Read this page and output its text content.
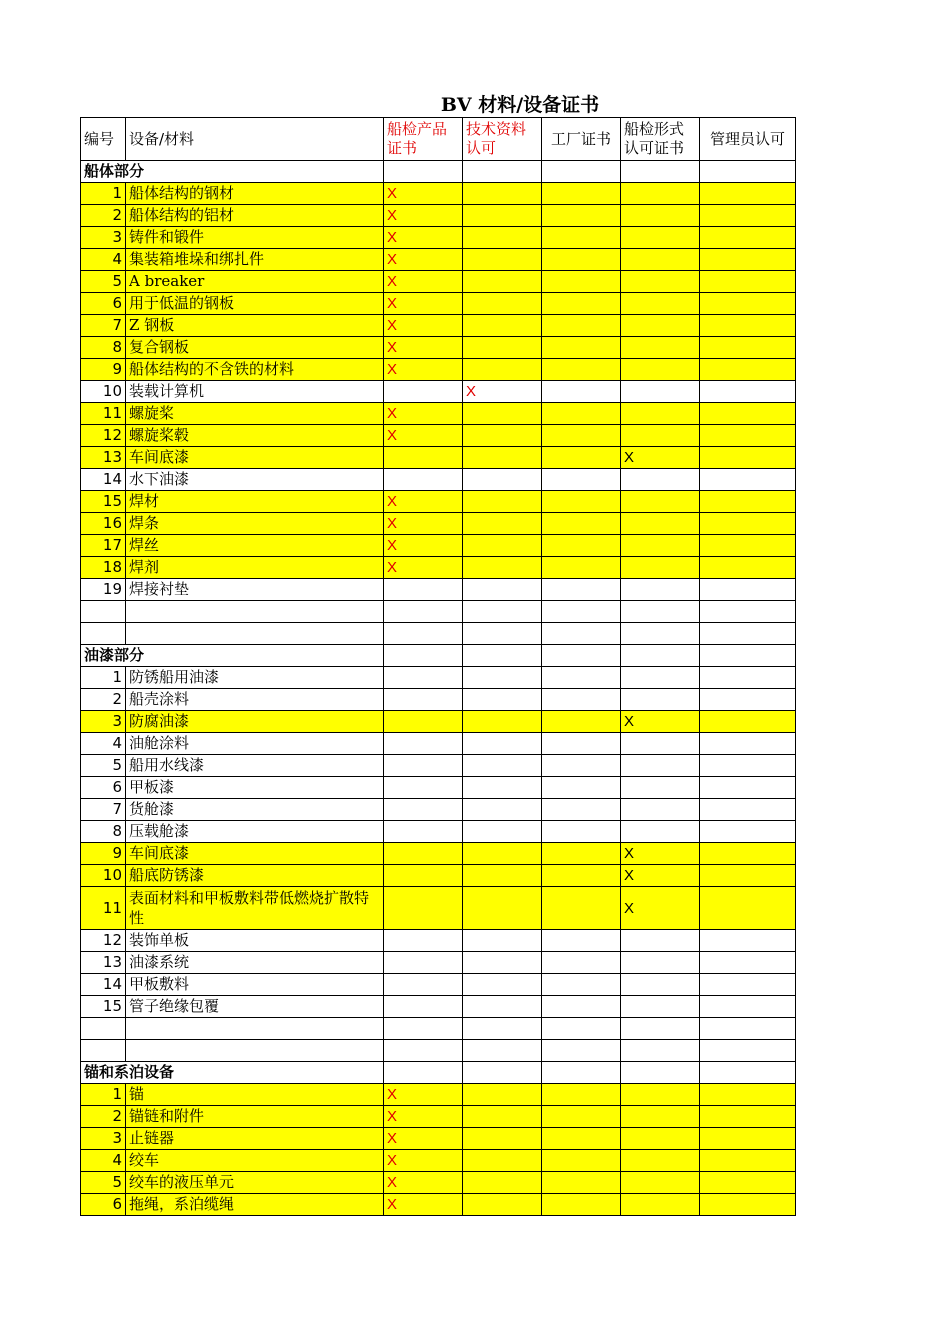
BV 材料/设备证书
编号	设备/材料	船检产品证书	技术资料认可	工厂证书	船检形式认可证书	管理员认可
船体部分						
1	船体结构的钢材	X				
2	船体结构的铝材	X				
3	铸件和锻件	X				
4	集装箱堆垛和绑扎件	X				
5	A breaker	X				
6	用于低温的钢板	X				
7	Z 钢板	X				
8	复合钢板	X				
9	船体结构的不含铁的材料	X				
10	装载计算机		X			
11	螺旋桨	X				
12	螺旋桨毂	X				
13	车间底漆				X	
14	水下油漆					
15	焊材	X				
16	焊条	X				
17	焊丝	X				
18	焊剂	X				
19	焊接衬垫					

油漆部分						
1	防锈船用油漆					
2	船壳涂料					
3	防腐油漆				X	
4	油舱涂料					
5	船用水线漆					
6	甲板漆					
7	货舱漆					
8	压载舱漆					
9	车间底漆				X	
10	船底防锈漆				X	
11	表面材料和甲板敷料带低燃烧扩散特性				X	
12	装饰单板					
13	油漆系统					
14	甲板敷料					
15	管子绝缘包覆					

锚和系泊设备						
1	锚	X				
2	锚链和附件	X				
3	止链器	X				
4	绞车	X				
5	绞车的液压单元	X				
6	拖绳，系泊缆绳	X				
